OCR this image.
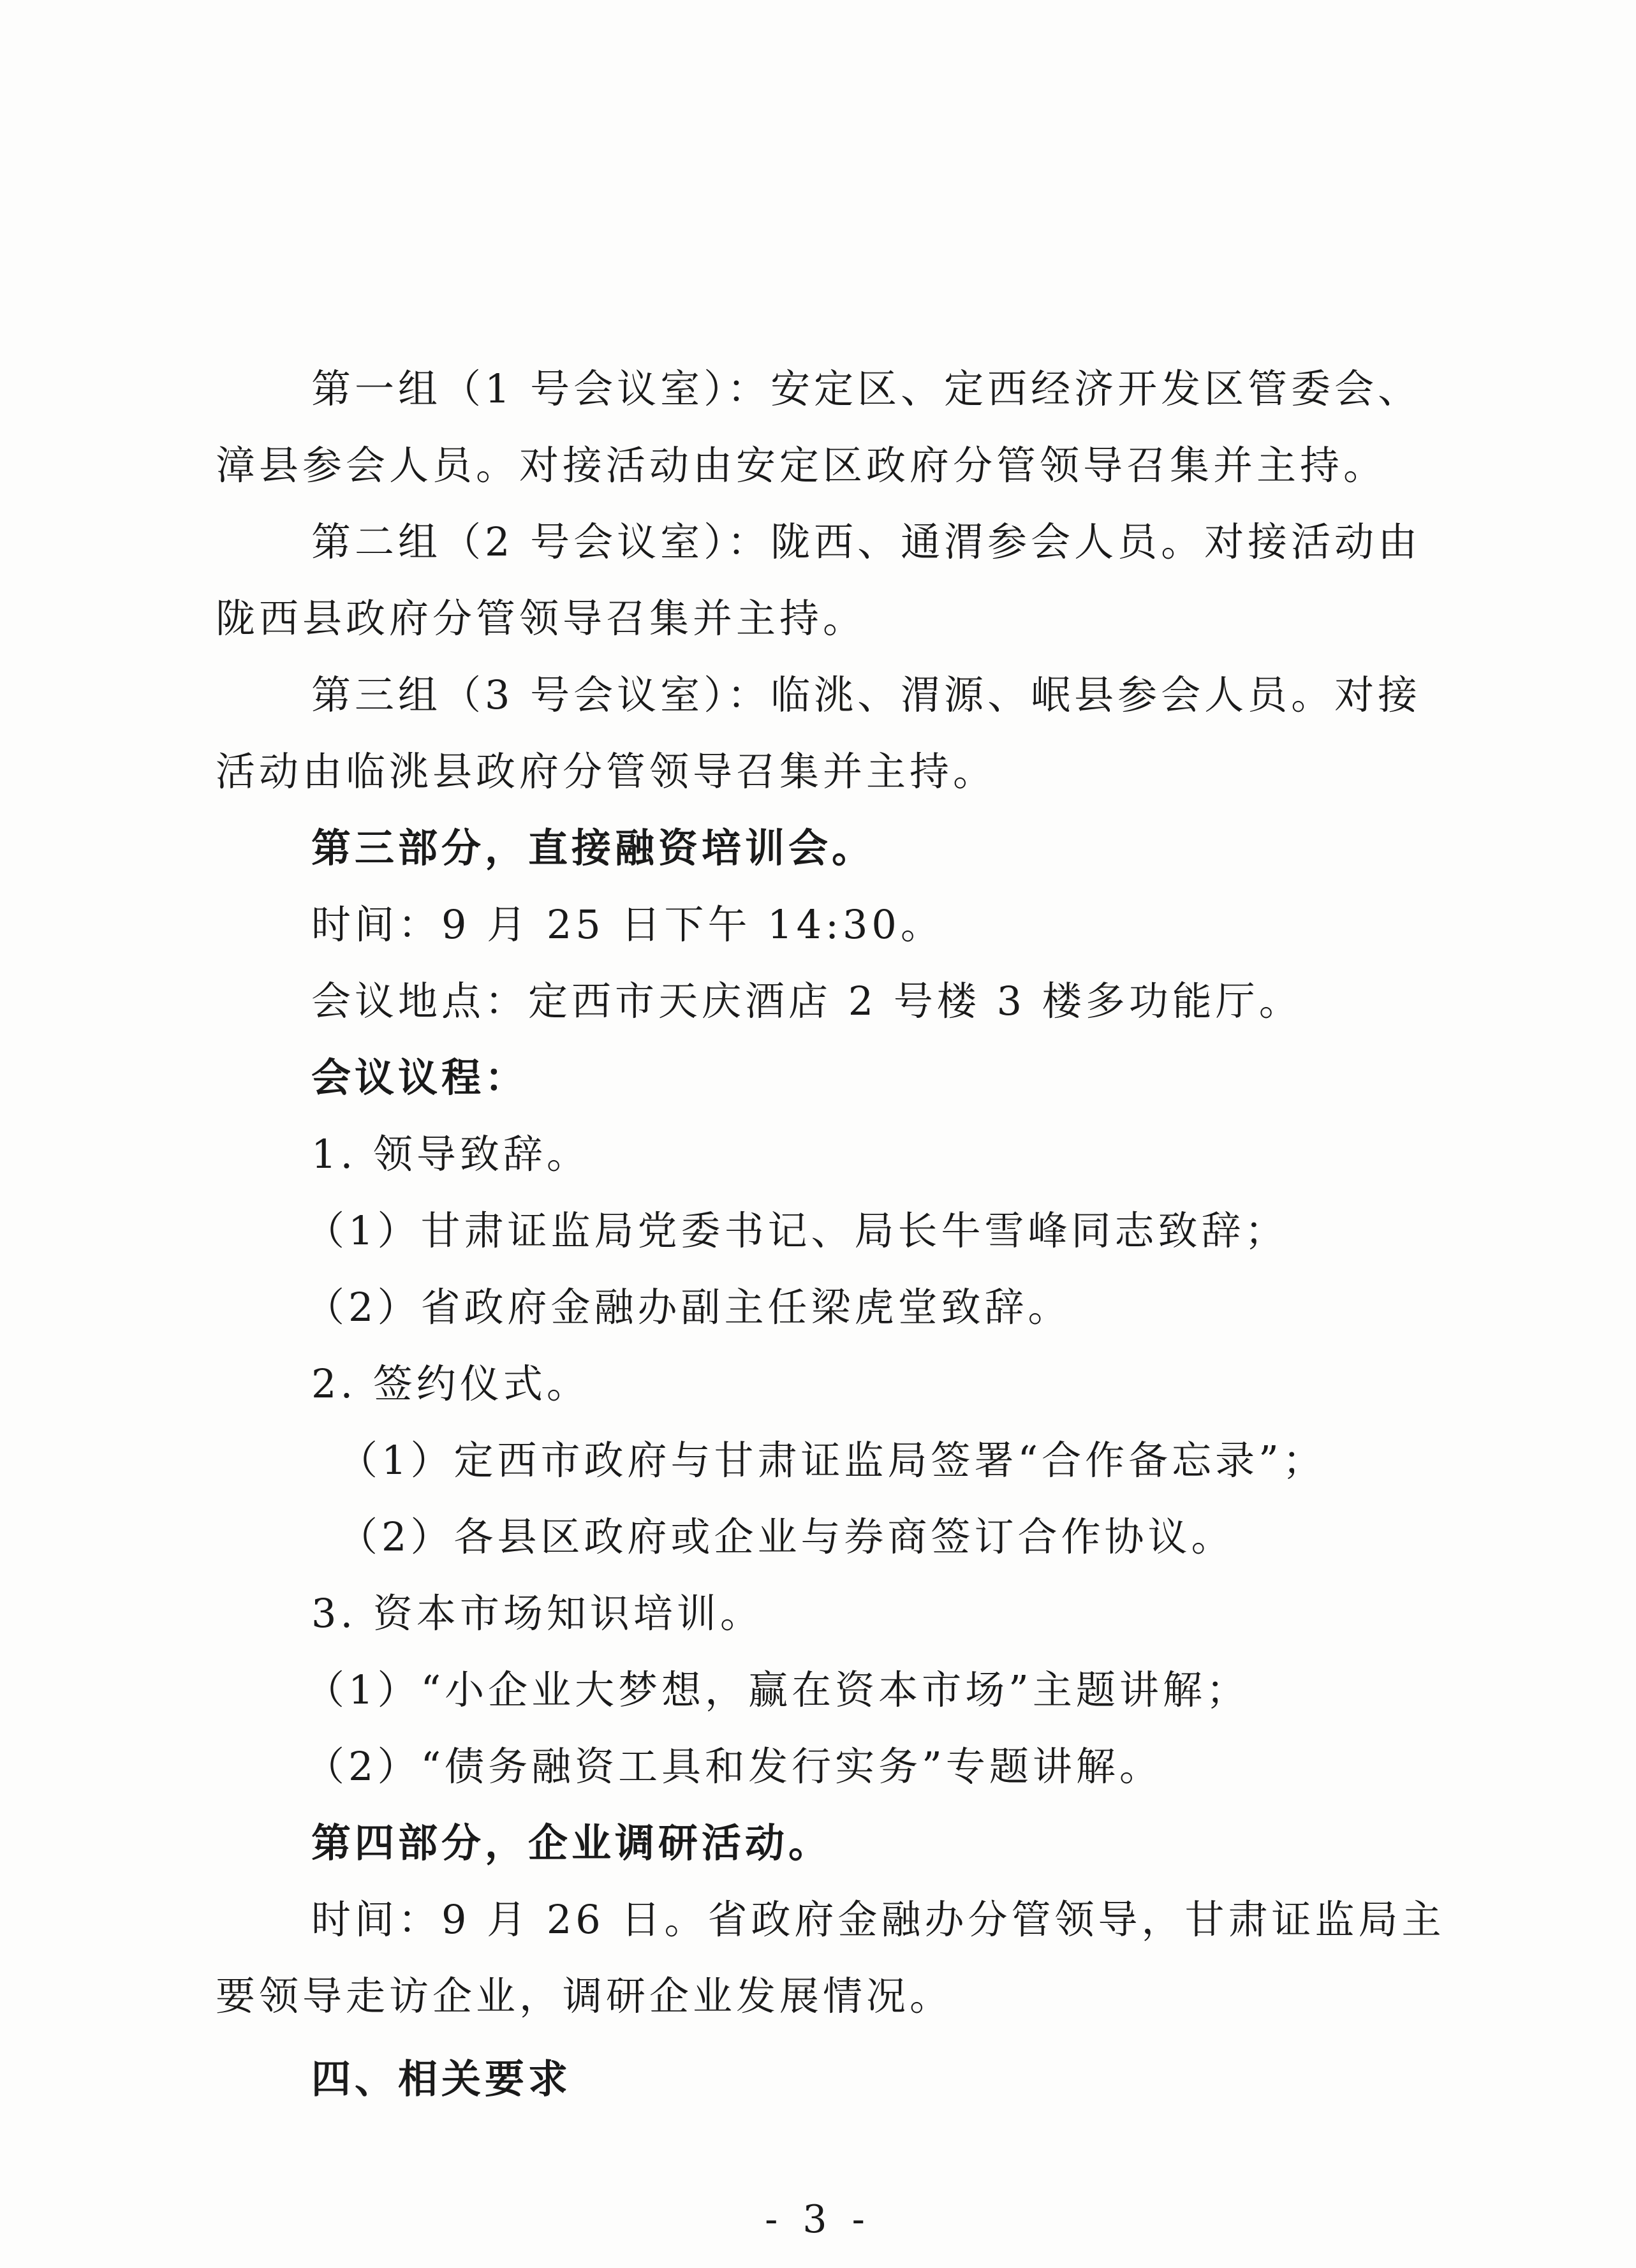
第一组（1 号会议室）：安定区、定西经济开发区管委会、
漳县参会人员。对接活动由安定区政府分管领导召集并主持。
第二组（2 号会议室）：陇西、通渭参会人员。对接活动由
陇西县政府分管领导召集并主持。
第三组（3 号会议室）：临洮、渭源、岷县参会人员。对接
活动由临洮县政府分管领导召集并主持。
第三部分，直接融资培训会。
时间：9 月 25 日下午 14:30。
会议地点：定西市天庆酒店 2 号楼 3 楼多功能厅。
会议议程：
1. 领导致辞。
（1）甘肃证监局党委书记、局长牛雪峰同志致辞；
（2）省政府金融办副主任梁虎堂致辞。
2. 签约仪式。
（1）定西市政府与甘肃证监局签署“合作备忘录”；
（2）各县区政府或企业与券商签订合作协议。
3. 资本市场知识培训。
（1）“小企业大梦想，赢在资本市场”主题讲解；
（2）“债务融资工具和发行实务”专题讲解。
第四部分，企业调研活动。
时间：9 月 26 日。省政府金融办分管领导，甘肃证监局主
要领导走访企业，调研企业发展情况。
四、相关要求
- 3 -
